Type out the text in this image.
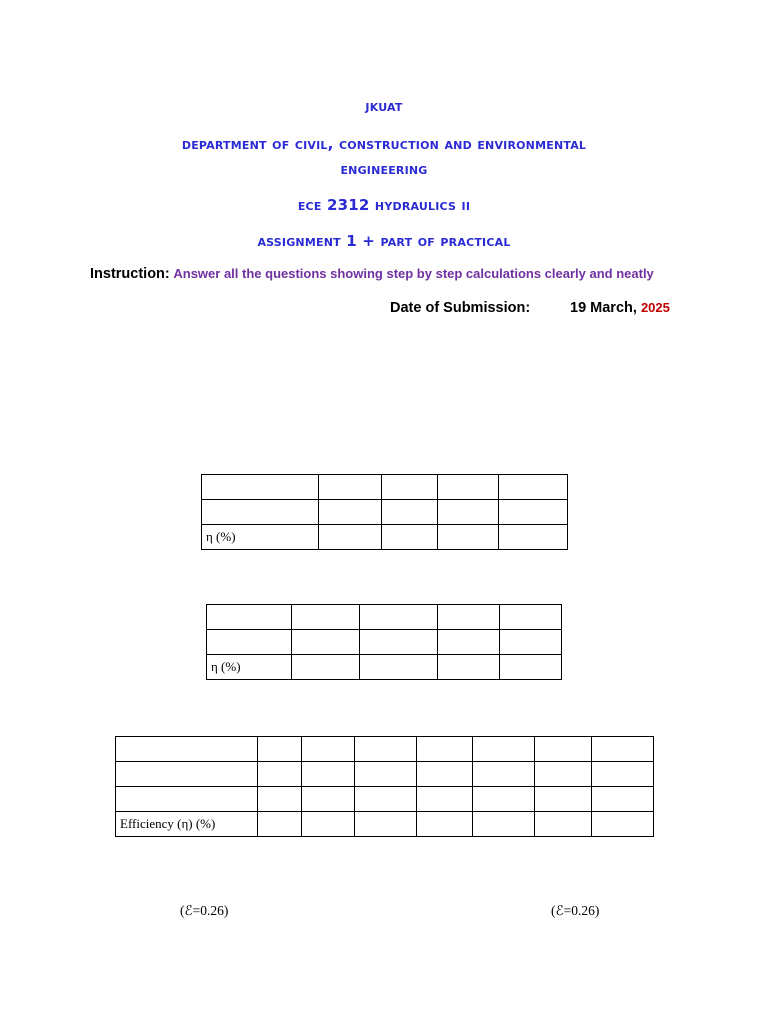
jkuat
department of civil, construction and environmental
engineering
ece 2312 hydraulics ii
assignment 1 + part of practical
Instruction: Answer all the questions showing step by step calculations clearly and neatly
Date of Submission:	19 March, 2025

η (%)				

η (%)				

Efficiency (η) (%)							
(ℰ=0.26)	(ℰ=0.26)
